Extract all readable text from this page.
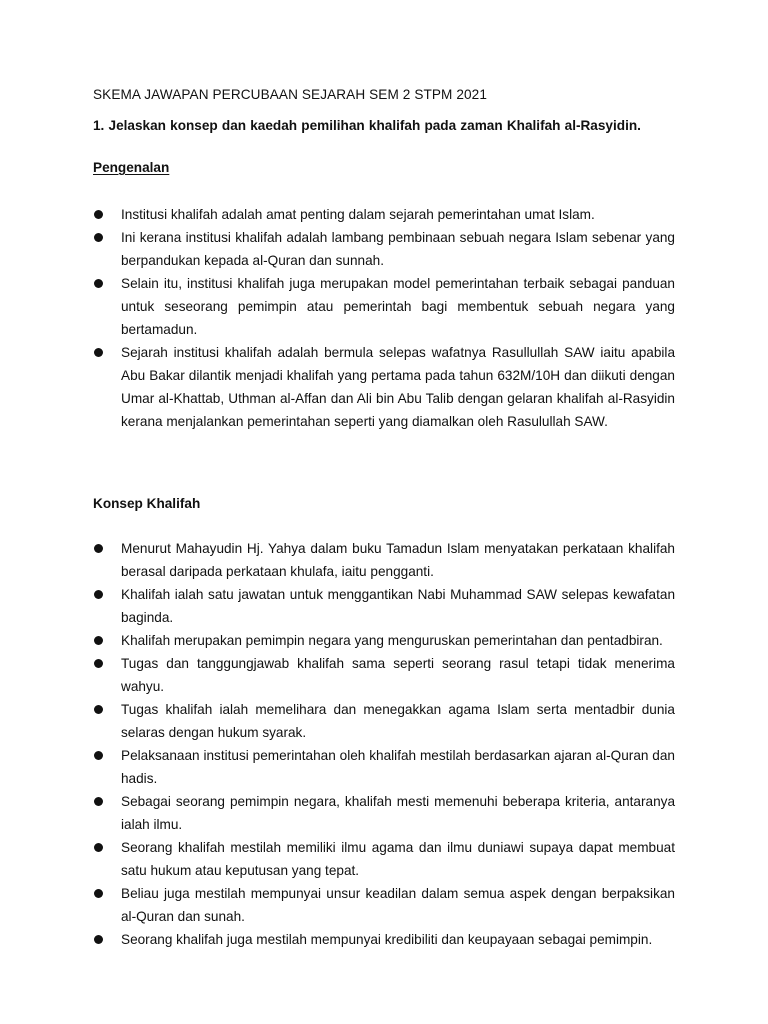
SKEMA JAWAPAN PERCUBAAN SEJARAH SEM 2 STPM 2021
1. Jelaskan konsep dan kaedah pemilihan khalifah pada zaman Khalifah al-Rasyidin.
Pengenalan
Institusi khalifah adalah amat penting dalam sejarah pemerintahan umat Islam.
Ini kerana institusi khalifah adalah lambang pembinaan sebuah negara Islam sebenar yang berpandukan kepada al-Quran dan sunnah.
Selain itu, institusi khalifah juga merupakan model pemerintahan terbaik sebagai panduan untuk seseorang pemimpin atau pemerintah bagi membentuk sebuah negara yang bertamadun.
Sejarah institusi khalifah adalah bermula selepas wafatnya Rasullullah SAW iaitu apabila Abu Bakar dilantik menjadi khalifah yang pertama pada tahun 632M/10H dan diikuti dengan Umar al-Khattab, Uthman al-Affan dan Ali bin Abu Talib dengan gelaran khalifah al-Rasyidin kerana menjalankan pemerintahan seperti yang diamalkan oleh Rasulullah SAW.
Konsep Khalifah
Menurut Mahayudin Hj. Yahya dalam buku Tamadun Islam menyatakan perkataan khalifah berasal daripada perkataan khulafa, iaitu pengganti.
Khalifah ialah satu jawatan untuk menggantikan Nabi Muhammad SAW selepas kewafatan baginda.
Khalifah merupakan pemimpin negara yang menguruskan pemerintahan dan pentadbiran.
Tugas dan tanggungjawab khalifah sama seperti seorang rasul tetapi tidak menerima wahyu.
Tugas khalifah ialah memelihara dan menegakkan agama Islam serta mentadbir dunia selaras dengan hukum syarak.
Pelaksanaan institusi pemerintahan oleh khalifah mestilah berdasarkan ajaran al-Quran dan hadis.
Sebagai seorang pemimpin negara, khalifah mesti memenuhi beberapa kriteria, antaranya ialah ilmu.
Seorang khalifah mestilah memiliki ilmu agama dan ilmu duniawi supaya dapat membuat satu hukum atau keputusan yang tepat.
Beliau juga mestilah mempunyai unsur keadilan dalam semua aspek dengan berpaksikan al-Quran dan sunah.
Seorang khalifah juga mestilah mempunyai kredibiliti dan keupayaan sebagai pemimpin.
